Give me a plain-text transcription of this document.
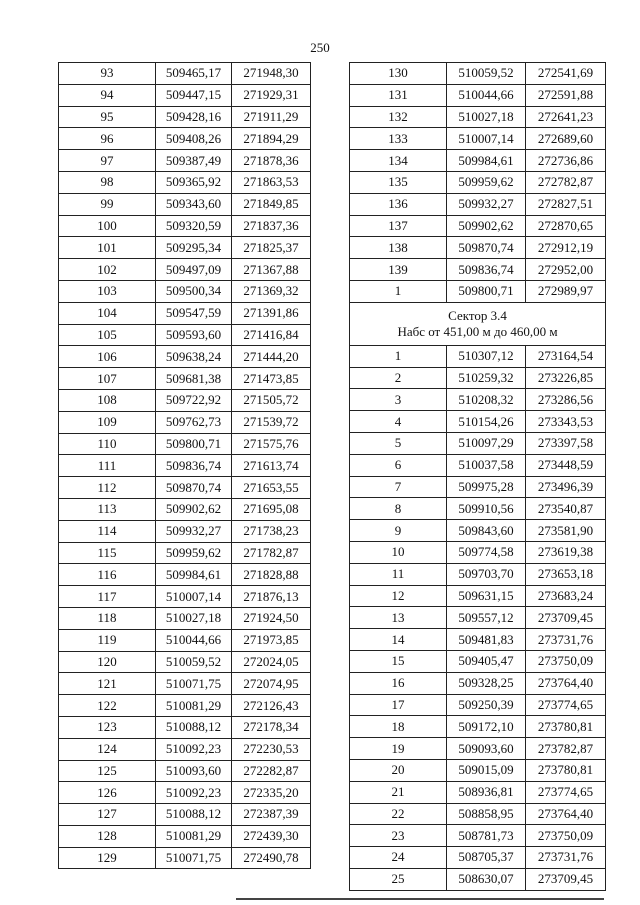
250
93	509465,17	271948,30
94	509447,15	271929,31
95	509428,16	271911,29
96	509408,26	271894,29
97	509387,49	271878,36
98	509365,92	271863,53
99	509343,60	271849,85
100	509320,59	271837,36
101	509295,34	271825,37
102	509497,09	271367,88
103	509500,34	271369,32
104	509547,59	271391,86
105	509593,60	271416,84
106	509638,24	271444,20
107	509681,38	271473,85
108	509722,92	271505,72
109	509762,73	271539,72
110	509800,71	271575,76
111	509836,74	271613,74
112	509870,74	271653,55
113	509902,62	271695,08
114	509932,27	271738,23
115	509959,62	271782,87
116	509984,61	271828,88
117	510007,14	271876,13
118	510027,18	271924,50
119	510044,66	271973,85
120	510059,52	272024,05
121	510071,75	272074,95
122	510081,29	272126,43
123	510088,12	272178,34
124	510092,23	272230,53
125	510093,60	272282,87
126	510092,23	272335,20
127	510088,12	272387,39
128	510081,29	272439,30
129	510071,75	272490,78
130	510059,52	272541,69
131	510044,66	272591,88
132	510027,18	272641,23
133	510007,14	272689,60
134	509984,61	272736,86
135	509959,62	272782,87
136	509932,27	272827,51
137	509902,62	272870,65
138	509870,74	272912,19
139	509836,74	272952,00
1	509800,71	272989,97

Сектор 3.4
Набс от 451,00 м до 460,00 м		

1	510307,12	273164,54
2	510259,32	273226,85
3	510208,32	273286,56
4	510154,26	273343,53
5	510097,29	273397,58
6	510037,58	273448,59
7	509975,28	273496,39
8	509910,56	273540,87
9	509843,60	273581,90
10	509774,58	273619,38
11	509703,70	273653,18
12	509631,15	273683,24
13	509557,12	273709,45
14	509481,83	273731,76
15	509405,47	273750,09
16	509328,25	273764,40
17	509250,39	273774,65
18	509172,10	273780,81
19	509093,60	273782,87
20	509015,09	273780,81
21	508936,81	273774,65
22	508858,95	273764,40
23	508781,73	273750,09
24	508705,37	273731,76
25	508630,07	273709,45
